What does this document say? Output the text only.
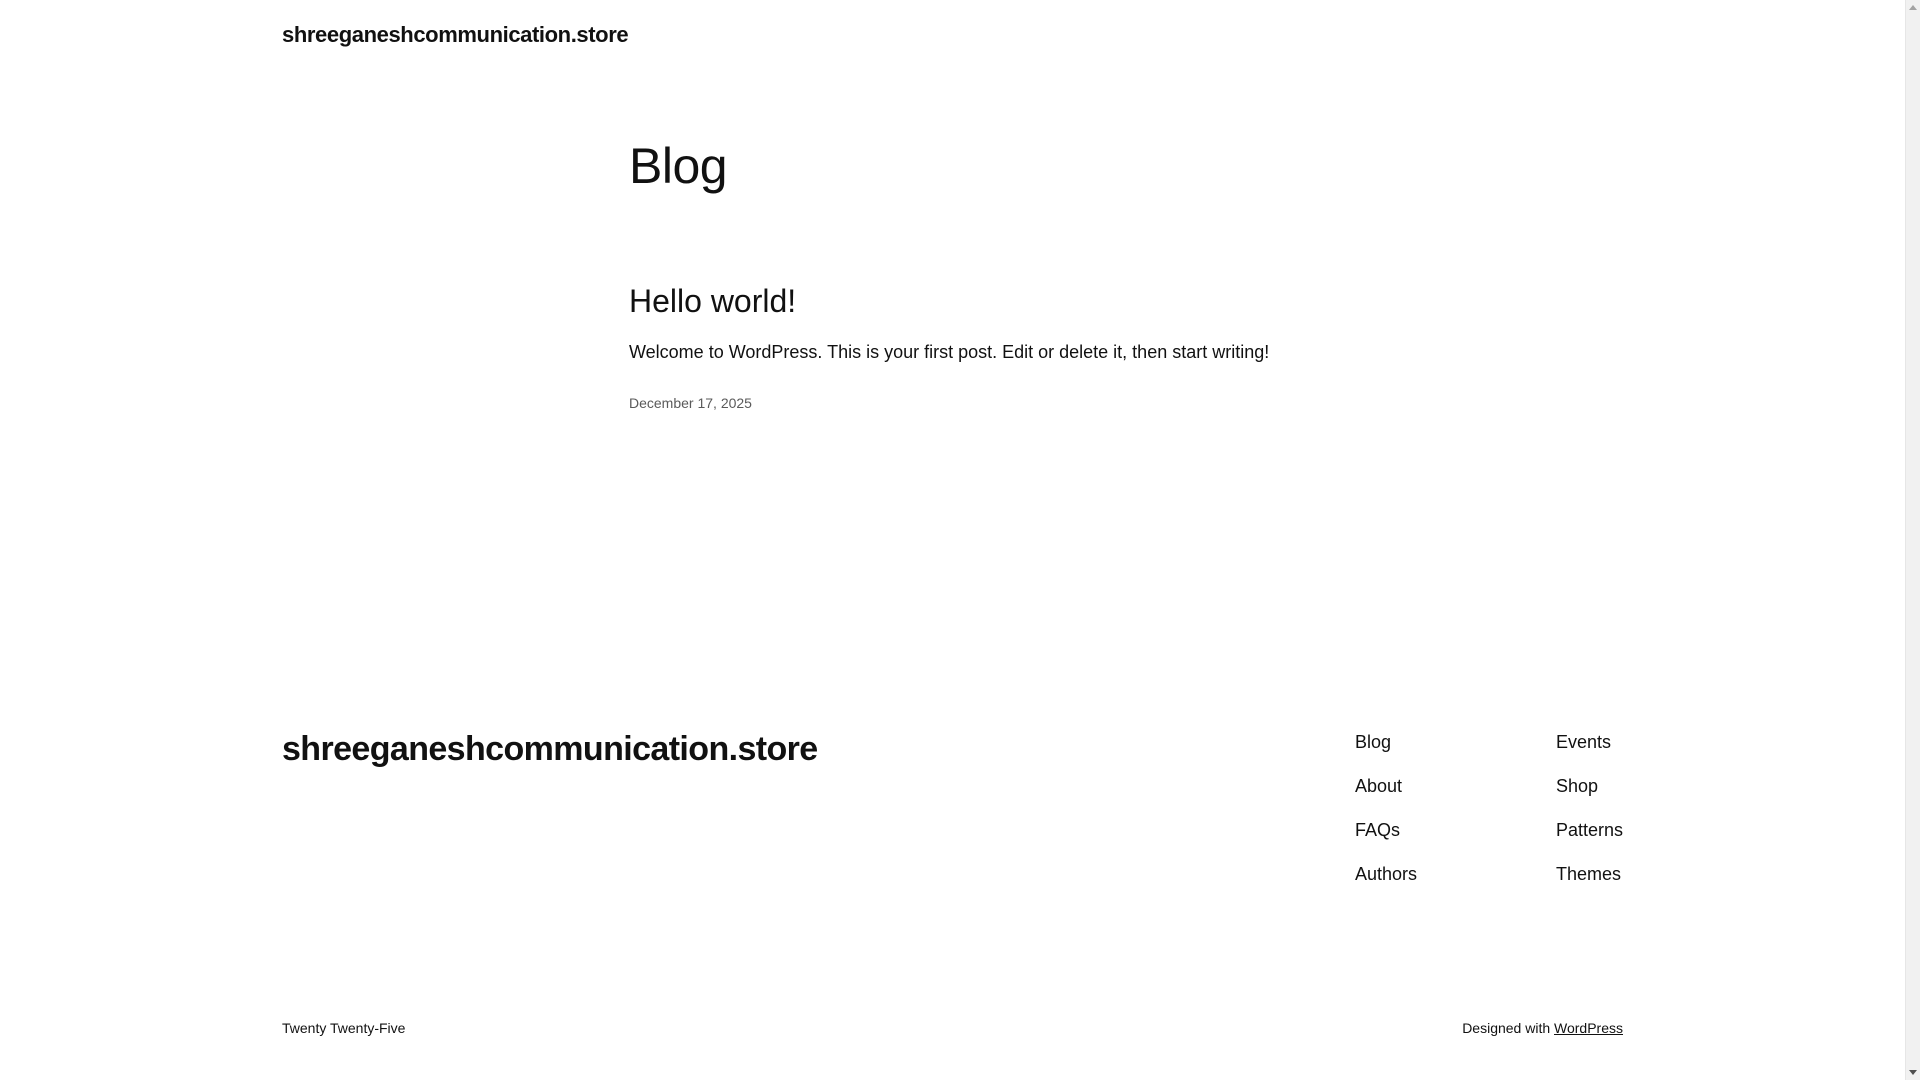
shreeganeshcommunication.store
Blog
Hello world!

Welcome to WordPress. This is your first post. Edit or delete it, then start writing!

December 17, 2025
shreeganeshcommunication.store	Blog
About
FAQs
Authors
Events
Shop
Patterns
Themes
Twenty Twenty-Five	Designed with WordPress
